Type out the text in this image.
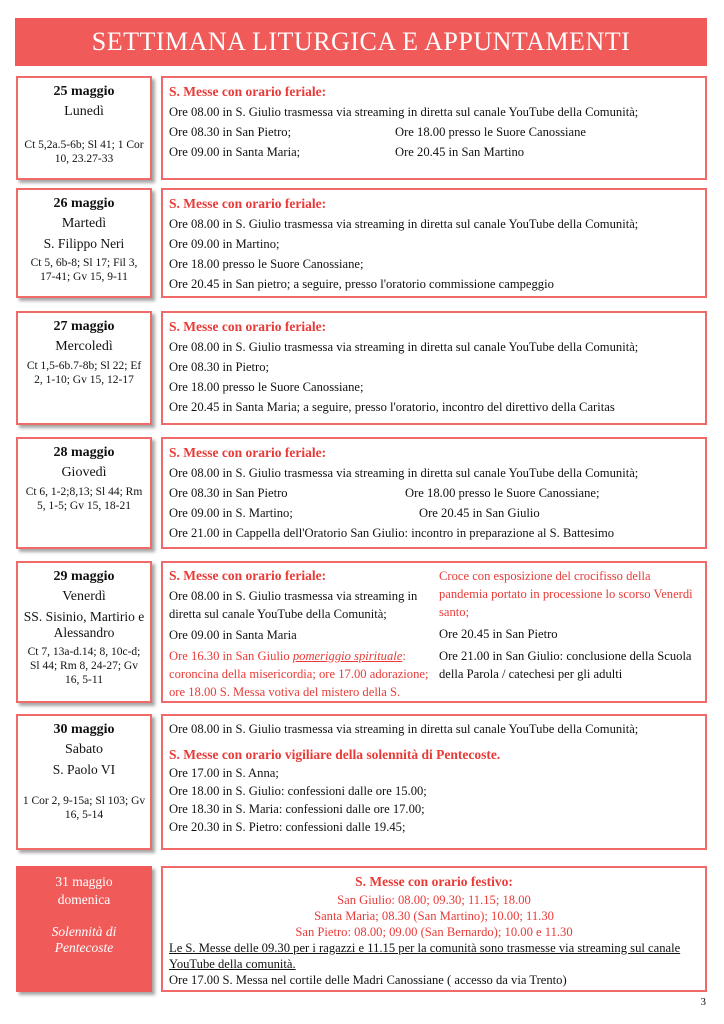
SETTIMANA LITURGICA E APPUNTAMENTI
25 maggio
Lunedì
Ct 5,2a.5-6b; Sl 41; 1 Cor 10, 23.27-33
S. Messe con orario feriale:
Ore 08.00 in S. Giulio trasmessa via streaming in diretta sul canale YouTube della Comunità;
Ore 08.30 in San Pietro;	Ore 18.00 presso le Suore Canossiane
Ore 09.00 in Santa Maria;	Ore 20.45 in San Martino
26 maggio
Martedì
S. Filippo Neri
Ct 5, 6b-8; Sl 17; Fil 3, 17-41; Gv 15, 9-11
S. Messe con orario feriale:
Ore 08.00 in S. Giulio trasmessa via streaming in diretta sul canale YouTube della Comunità;
Ore 09.00 in Martino;
Ore 18.00 presso le Suore Canossiane;
Ore 20.45 in San pietro; a seguire, presso l'oratorio commissione campeggio
27 maggio
Mercoledì
Ct 1,5-6b.7-8b; Sl 22; Ef 2, 1-10; Gv 15, 12-17
S. Messe con orario feriale:
Ore 08.00 in S. Giulio trasmessa via streaming in diretta sul canale YouTube della Comunità;
Ore 08.30 in Pietro;
Ore 18.00 presso le Suore Canossiane;
Ore 20.45 in Santa Maria; a seguire, presso l'oratorio, incontro del direttivo della Caritas
28 maggio
Giovedì
Ct 6, 1-2;8,13; Sl 44; Rm 5, 1-5; Gv 15, 18-21
S. Messe con orario feriale:
Ore 08.00 in S. Giulio trasmessa via streaming in diretta sul canale YouTube della Comunità;
Ore 08.30 in San Pietro	Ore 18.00 presso le Suore Canossiane;
Ore 09.00 in S. Martino;	Ore 20.45 in San Giulio
Ore 21.00 in Cappella dell'Oratorio San Giulio: incontro in preparazione al S. Battesimo
29 maggio
Venerdì
SS. Sisinio, Martirio e Alessandro
Ct 7, 13a-d.14; 8, 10c-d; Sl 44; Rm 8, 24-27; Gv 16, 5-11
S. Messe con orario feriale:
Ore 08.00 in S. Giulio trasmessa via streaming in diretta sul canale YouTube della Comunità;
Ore 09.00 in Santa Maria
Ore 16.30 in San Giulio pomeriggio spirituale: coroncina della misericordia; ore 17.00 adorazione; ore 18.00 S. Messa votiva del mistero della S.
Croce con esposizione del crocifisso della pandemia portato in processione lo scorso Venerdì santo;
Ore 20.45 in San Pietro
Ore 21.00 in San Giulio: conclusione della Scuola della Parola / catechesi per gli adulti
30 maggio
Sabato
S. Paolo VI
1 Cor 2, 9-15a; Sl 103; Gv 16, 5-14
Ore 08.00 in S. Giulio trasmessa via streaming in diretta sul canale YouTube della Comunità;
S. Messe con orario vigiliare della solennità di Pentecoste.
Ore 17.00 in S. Anna;
Ore 18.00 in S. Giulio: confessioni dalle ore 15.00;
Ore 18.30 in S. Maria: confessioni dalle ore 17.00;
Ore 20.30 in S. Pietro: confessioni dalle 19.45;
31 maggio
domenica
Solennità di Pentecoste
S. Messe con orario festivo:
San Giulio: 08.00; 09.30; 11.15; 18.00
Santa Maria; 08.30 (San Martino); 10.00; 11.30
San Pietro: 08.00; 09.00 (San Bernardo); 10.00 e 11.30
Le S. Messe delle 09.30 per i ragazzi e 11.15 per la comunità sono trasmesse via streaming sul canale YouTube della comunità.
Ore 17.00 S. Messa nel cortile delle Madri Canossiane ( accesso da via Trento)
3
